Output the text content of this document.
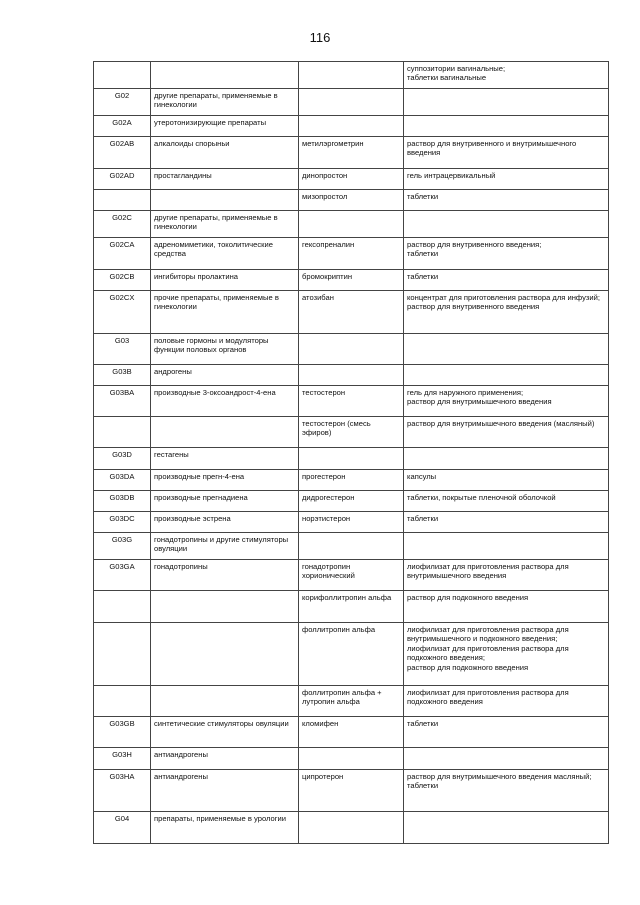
116
			суппозитории вагинальные;
таблетки вагинальные
G02	другие препараты, применяемые в гинекологии		
G02A	утеротонизирующие препараты		
G02AB	алкалоиды спорыньи	метилэргометрин	раствор для внутривенного и внутримышечного введения
G02AD	простагландины	динопростон	гель интрацервикальный
		мизопростол	таблетки
G02C	другие препараты, применяемые в гинекологии		
G02CA	адреномиметики, токолитические средства	гексопреналин	раствор для внутривенного введения;
таблетки
G02CB	ингибиторы пролактина	бромокриптин	таблетки
G02CX	прочие препараты, применяемые в гинекологии	атозибан	концентрат для приготовления раствора для инфузий;
раствор для внутривенного введения
G03	половые гормоны и модуляторы функции половых органов		
G03B	андрогены		
G03BA	производные 3-оксоандрост-4-ена	тестостерон	гель для наружного применения;
раствор для внутримышечного введения
		тестостерон (смесь эфиров)	раствор для внутримышечного введения (масляный)
G03D	гестагены		
G03DA	производные прегн-4-ена	прогестерон	капсулы
G03DB	производные прегнадиена	дидрогестерон	таблетки, покрытые пленочной оболочкой
G03DC	производные эстрена	норэтистерон	таблетки
G03G	гонадотропины и другие стимуляторы овуляции		
G03GA	гонадотропины	гонадотропин хорионический	лиофилизат для приготовления раствора для внутримышечного введения
		корифоллитропин альфа	раствор для подкожного введения
		фоллитропин альфа	лиофилизат для приготовления раствора для внутримышечного и подкожного введения;
лиофилизат для приготовления раствора для подкожного введения;
раствор для подкожного введения
		фоллитропин альфа + лутропин альфа	лиофилизат для приготовления раствора для подкожного введения
G03GB	синтетические стимуляторы овуляции	кломифен	таблетки
G03H	антиандрогены		
G03HA	антиандрогены	ципротерон	раствор для внутримышечного введения масляный;
таблетки
G04	препараты, применяемые в урологии		
